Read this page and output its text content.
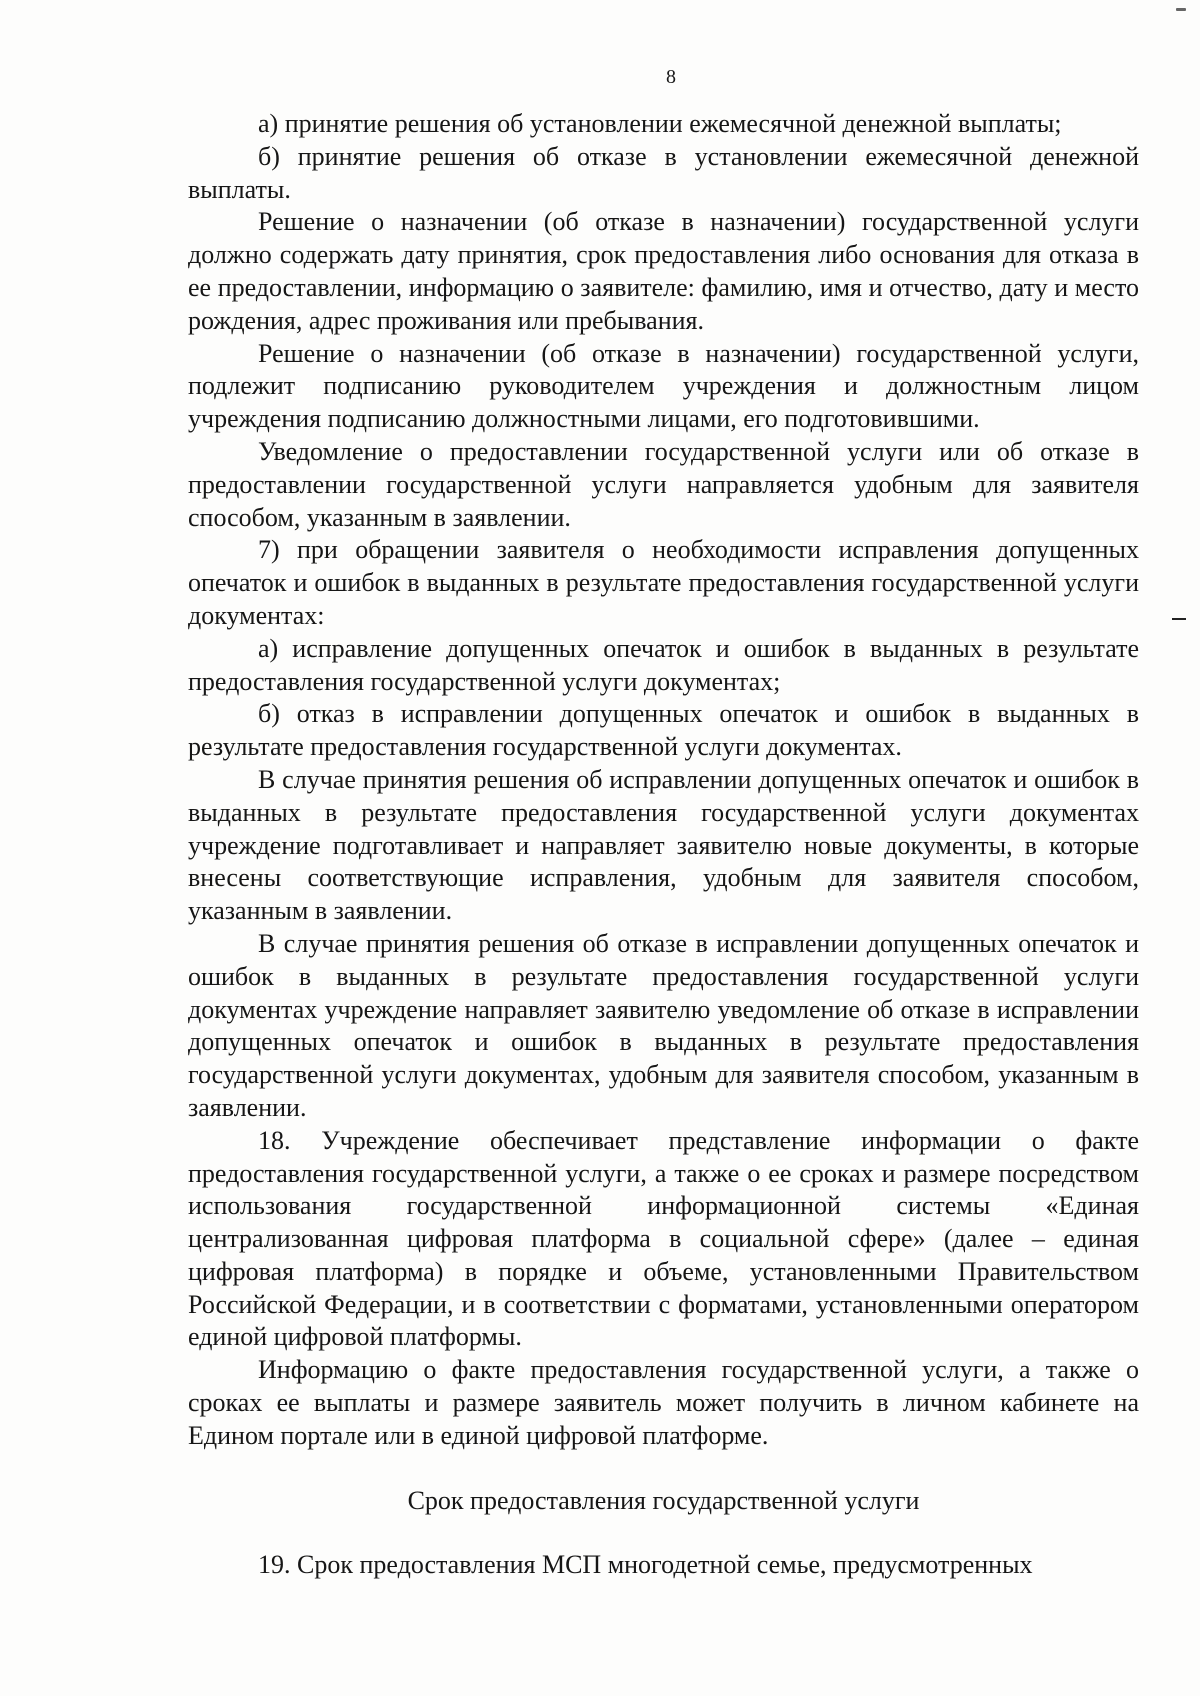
8

а) принятие решения об установлении ежемесячной денежной выплаты;

б) принятие решения об отказе в установлении ежемесячной денежной выплаты.

Решение о назначении (об отказе в назначении) государственной услуги должно содержать дату принятия, срок предоставления либо основания для отказа в ее предоставлении, информацию о заявителе: фамилию, имя и отчество, дату и место рождения, адрес проживания или пребывания.

Решение о назначении (об отказе в назначении) государственной услуги, подлежит подписанию руководителем учреждения и должностным лицом учреждения подписанию должностными лицами, его подготовившими.

Уведомление о предоставлении государственной услуги или об отказе в предоставлении государственной услуги направляется удобным для заявителя способом, указанным в заявлении.

7) при обращении заявителя о необходимости исправления допущенных опечаток и ошибок в выданных в результате предоставления государственной услуги документах:

а) исправление допущенных опечаток и ошибок в выданных в результате предоставления государственной услуги документах;

б) отказ в исправлении допущенных опечаток и ошибок в выданных в результате предоставления государственной услуги документах.

В случае принятия решения об исправлении допущенных опечаток и ошибок в выданных в результате предоставления государственной услуги документах учреждение подготавливает и направляет заявителю новые документы, в которые внесены соответствующие исправления, удобным для заявителя способом, указанным в заявлении.

В случае принятия решения об отказе в исправлении допущенных опечаток и ошибок в выданных в результате предоставления государственной услуги документах учреждение направляет заявителю уведомление об отказе в исправлении допущенных опечаток и ошибок в выданных в результате предоставления государственной услуги документах, удобным для заявителя способом, указанным в заявлении.

18. Учреждение обеспечивает представление информации о факте предоставления государственной услуги, а также о ее сроках и размере посредством использования государственной информационной системы «Единая централизованная цифровая платформа в социальной сфере» (далее – единая цифровая платформа) в порядке и объеме, установленными Правительством Российской Федерации, и в соответствии с форматами, установленными оператором единой цифровой платформы.

Информацию о факте предоставления государственной услуги, а также о сроках ее выплаты и размере заявитель может получить в личном кабинете на Едином портале или в единой цифровой платформе.

Срок предоставления государственной услуги

19. Срок предоставления МСП многодетной семье, предусмотренных
